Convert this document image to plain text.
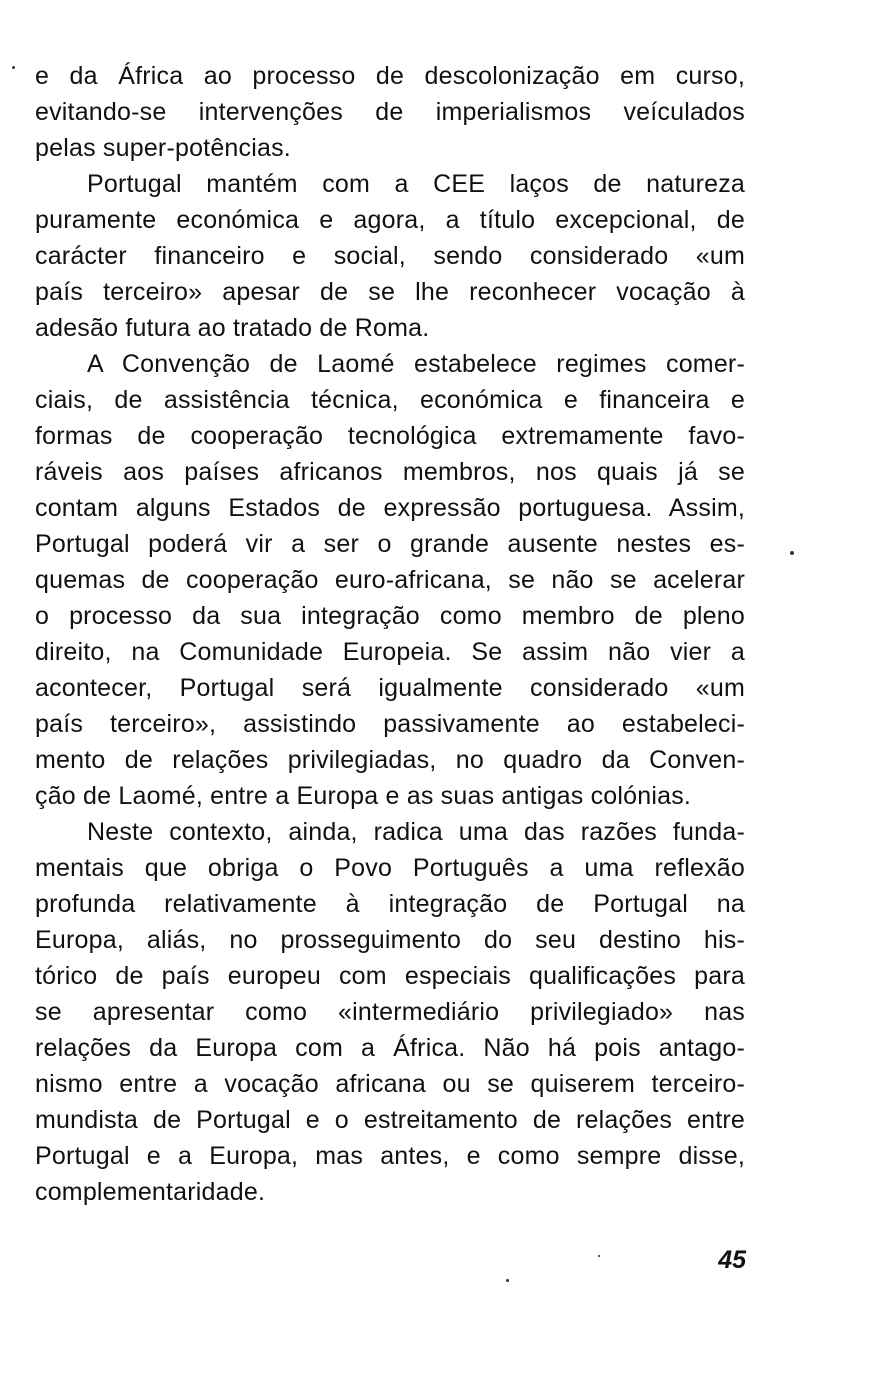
e da África ao processo de descolonização em curso,
evitando-se intervenções de imperialismos veículados
pelas super-potências.
Portugal mantém com a CEE laços de natureza
puramente económica e agora, a título excepcional, de
carácter financeiro e social, sendo considerado «um
país terceiro» apesar de se lhe reconhecer vocação à
adesão futura ao tratado de Roma.
A Convenção de Laomé estabelece regimes comer-
ciais, de assistência técnica, económica e financeira e
formas de cooperação tecnológica extremamente favo-
ráveis aos países africanos membros, nos quais já se
contam alguns Estados de expressão portuguesa. Assim,
Portugal poderá vir a ser o grande ausente nestes es-
quemas de cooperação euro-africana, se não se acelerar
o processo da sua integração como membro de pleno
direito, na Comunidade Europeia. Se assim não vier a
acontecer, Portugal será igualmente considerado «um
país terceiro», assistindo passivamente ao estabeleci-
mento de relações privilegiadas, no quadro da Conven-
ção de Laomé, entre a Europa e as suas antigas colónias.
Neste contexto, ainda, radica uma das razões funda-
mentais que obriga o Povo Português a uma reflexão
profunda relativamente à integração de Portugal na
Europa, aliás, no prosseguimento do seu destino his-
tórico de país europeu com especiais qualificações para
se apresentar como «intermediário privilegiado» nas
relações da Europa com a África. Não há pois antago-
nismo entre a vocação africana ou se quiserem terceiro-
mundista de Portugal e o estreitamento de relações entre
Portugal e a Europa, mas antes, e como sempre disse,
complementaridade.
45
